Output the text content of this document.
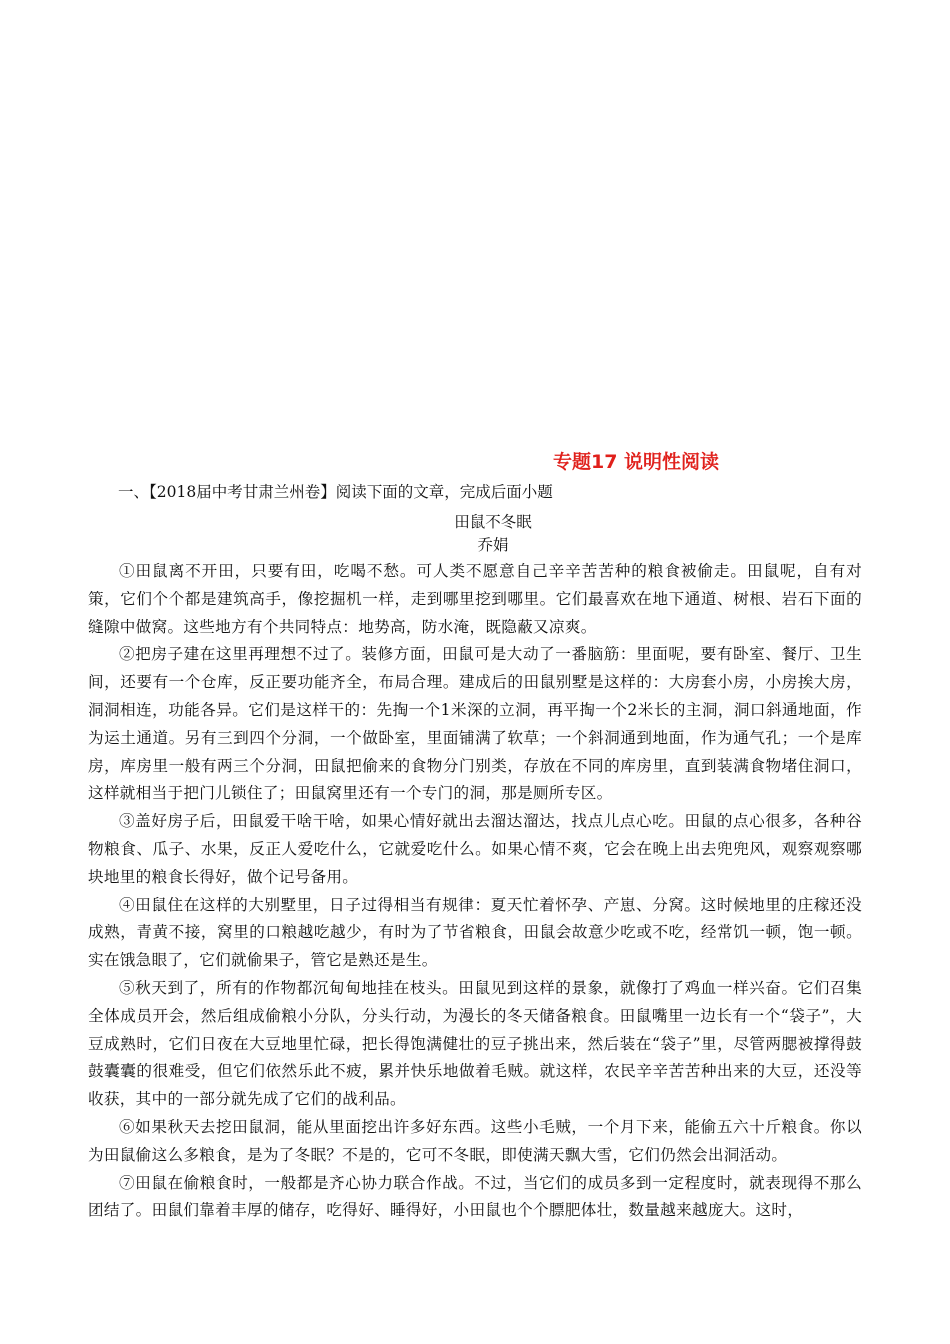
专题17 说明性阅读
一、【2018届中考甘肃兰州卷】阅读下面的文章，完成后面小题
田鼠不冬眠
乔娟

①田鼠离不开田，只要有田，吃喝不愁。可人类不愿意自己辛辛苦苦种的粮食被偷走。田鼠呢，自有对策，它们个个都是建筑高手，像挖掘机一样，走到哪里挖到哪里。它们最喜欢在地下通道、树根、岩石下面的缝隙中做窝。这些地方有个共同特点：地势高，防水淹，既隐蔽又凉爽。

②把房子建在这里再理想不过了。装修方面，田鼠可是大动了一番脑筋：里面呢，要有卧室、餐厅、卫生间，还要有一个仓库，反正要功能齐全，布局合理。建成后的田鼠别墅是这样的：大房套小房，小房挨大房，洞洞相连，功能各异。它们是这样干的：先掏一个1米深的立洞，再平掏一个2米长的主洞，洞口斜通地面，作为运土通道。另有三到四个分洞，一个做卧室，里面铺满了软草；一个斜洞通到地面，作为通气孔；一个是库房，库房里一般有两三个分洞，田鼠把偷来的食物分门别类，存放在不同的库房里，直到装满食物堵住洞口，这样就相当于把门儿锁住了；田鼠窝里还有一个专门的洞，那是厕所专区。

③盖好房子后，田鼠爱干啥干啥，如果心情好就出去溜达溜达，找点儿点心吃。田鼠的点心很多，各种谷物粮食、瓜子、水果，反正人爱吃什么，它就爱吃什么。如果心情不爽，它会在晚上出去兜兜风，观察观察哪块地里的粮食长得好，做个记号备用。

④田鼠住在这样的大别墅里，日子过得相当有规律：夏天忙着怀孕、产崽、分窝。这时候地里的庄稼还没成熟，青黄不接，窝里的口粮越吃越少，有时为了节省粮食，田鼠会故意少吃或不吃，经常饥一顿，饱一顿。实在饿急眼了，它们就偷果子，管它是熟还是生。

⑤秋天到了，所有的作物都沉甸甸地挂在枝头。田鼠见到这样的景象，就像打了鸡血一样兴奋。它们召集全体成员开会，然后组成偷粮小分队，分头行动，为漫长的冬天储备粮食。田鼠嘴里一边长有一个“袋子”，大豆成熟时，它们日夜在大豆地里忙碌，把长得饱满健壮的豆子挑出来，然后装在“袋子”里，尽管两腮被撑得鼓鼓囊囊的很难受，但它们依然乐此不疲，累并快乐地做着毛贼。就这样，农民辛辛苦苦种出来的大豆，还没等收获，其中的一部分就先成了它们的战利品。

⑥如果秋天去挖田鼠洞，能从里面挖出许多好东西。这些小毛贼，一个月下来，能偷五六十斤粮食。你以为田鼠偷这么多粮食，是为了冬眠？不是的，它可不冬眠，即使满天飘大雪，它们仍然会出洞活动。

⑦田鼠在偷粮食时，一般都是齐心协力联合作战。不过，当它们的成员多到一定程度时，就表现得不那么团结了。田鼠们靠着丰厚的储存，吃得好、睡得好，小田鼠也个个膘肥体壮，数量越来越庞大。这时，
